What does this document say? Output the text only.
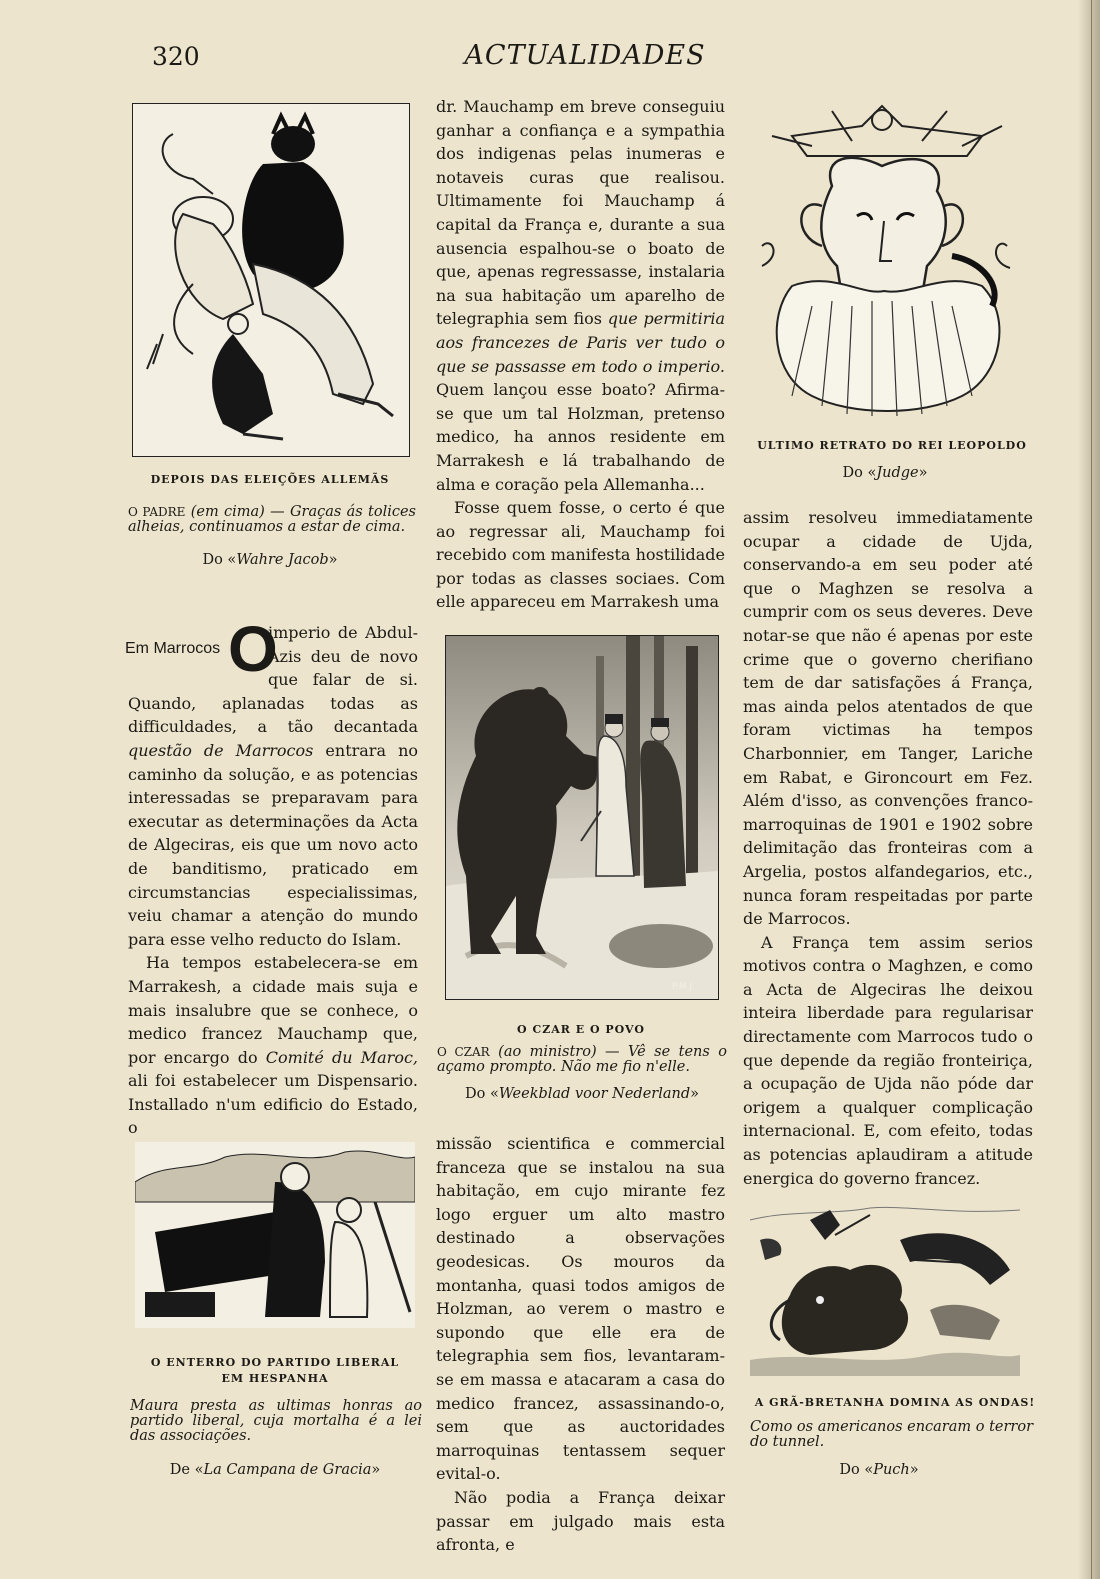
320	ACTUALIDADES
DEPOIS DAS ELEIÇÕES ALLEMÃS
O PADRE (em cima) — Graças ás tolices alheias, continuamos a estar de cima.
Do «Wahre Jacob»

Em Marrocos O
imperio de Abdul-Azis deu de novo que falar de si. Quando, aplanadas todas as difficuldades, a tão decantada questão de Marrocos entrara no caminho da solução, e as potencias interessadas se preparavam para executar as determinações da Acta de Algeciras, eis que um novo acto de banditismo, praticado em circumstancias especialissimas, veiu chamar a atenção do mundo para esse velho reducto do Islam.

Ha tempos estabelecera-se em Marrakesh, a cidade mais suja e mais insalubre que se conhece, o medico francez Mauchamp que, por encargo do Comité du Maroc, ali foi estabelecer um Dispensario. Installado n'um edificio do Estado, o

O ENTERRO DO PARTIDO LIBERAL
EM HESPANHA
Maura presta as ultimas honras ao partido liberal, cuja mortalha é a lei das associações.
De «La Campana de Gracia»

dr. Mauchamp em breve conseguiu ganhar a confiança e a sympathia dos indigenas pelas inumeras e notaveis curas que realisou. Ultimamente foi Mauchamp á capital da França e, durante a sua ausencia espalhou-se o boato de que, apenas regressasse, instalaria na sua habitação um aparelho de telegraphia sem fios que permitiria aos francezes de Paris ver tudo o que se passasse em todo o imperio. Quem lançou esse boato? Afirma-se que um tal Holzman, pretenso medico, ha annos residente em Marrakesh e lá trabalhando de alma e coração pela Allemanha...

Fosse quem fosse, o certo é que ao regressar ali, Mauchamp foi recebido com manifesta hostilidade por todas as classes sociaes. Com elle appareceu em Marrakesh uma

P.M.J.
O CZAR E O POVO
O CZAR (ao ministro) — Vê se tens o açamo prompto. Não me fio n'elle.
Do «Weekblad voor Nederland»

missão scientifica e commercial franceza que se instalou na sua habitação, em cujo mirante fez logo erguer um alto mastro destinado a observações geodesicas. Os mouros da montanha, quasi todos amigos de Holzman, ao verem o mastro e supondo que elle era de telegraphia sem fios, levantaram-se em massa e atacaram a casa do medico francez, assassinando-o, sem que as auctoridades marroquinas tentassem sequer evital-o.

Não podia a França deixar passar em julgado mais esta afronta, e

ULTIMO RETRATO DO REI LEOPOLDO
Do «Judge»

assim resolveu immediatamente ocupar a cidade de Ujda, conservando-a em seu poder até que o Maghzen se resolva a cumprir com os seus deveres. Deve notar-se que não é apenas por este crime que o governo cherifiano tem de dar satisfações á França, mas ainda pelos atentados de que foram victimas ha tempos Charbonnier, em Tanger, Lariche em Rabat, e Gironcourt em Fez. Além d'isso, as convenções franco-marroquinas de 1901 e 1902 sobre delimitação das fronteiras com a Argelia, postos alfandegarios, etc., nunca foram respeitadas por parte de Marrocos.

A França tem assim serios motivos contra o Maghzen, e como a Acta de Algeciras lhe deixou inteira liberdade para regularisar directamente com Marrocos tudo o que depende da região fronteiriça, a ocupação de Ujda não póde dar origem a qualquer complicação internacional. E, com efeito, todas as potencias aplaudiram a atitude energica do governo francez.

A GRÃ-BRETANHA DOMINA AS ONDAS!
Como os americanos encaram o terror do tunnel.
Do «Puch»
